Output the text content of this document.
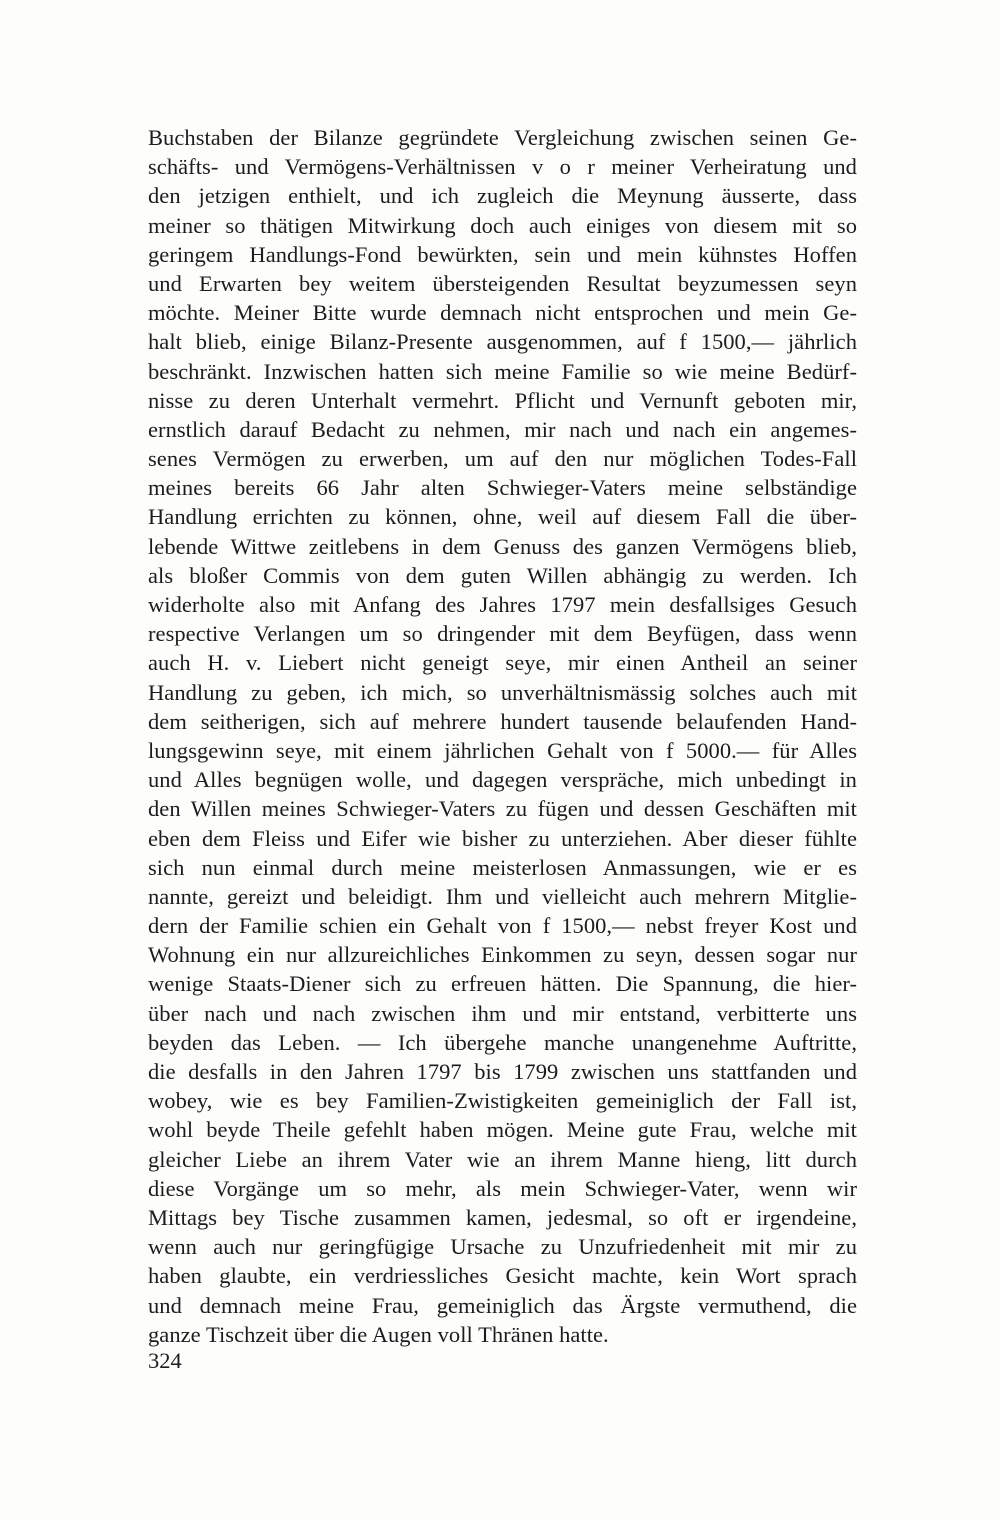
Buchstaben der Bilanze gegründete Vergleichung zwischen seinen Ge-
schäfts- und Vermögens-Verhältnissen v o r meiner Verheiratung und
den jetzigen enthielt, und ich zugleich die Meynung äusserte, dass
meiner so thätigen Mitwirkung doch auch einiges von diesem mit so
geringem Handlungs-Fond bewürkten, sein und mein kühnstes Hoffen
und Erwarten bey weitem übersteigenden Resultat beyzumessen seyn
möchte. Meiner Bitte wurde demnach nicht entsprochen und mein Ge-
halt blieb, einige Bilanz-Presente ausgenommen, auf f 1500,— jährlich
beschränkt. Inzwischen hatten sich meine Familie so wie meine Bedürf-
nisse zu deren Unterhalt vermehrt. Pflicht und Vernunft geboten mir,
ernstlich darauf Bedacht zu nehmen, mir nach und nach ein angemes-
senes Vermögen zu erwerben, um auf den nur möglichen Todes-Fall
meines bereits 66 Jahr alten Schwieger-Vaters meine selbständige
Handlung errichten zu können, ohne, weil auf diesem Fall die über-
lebende Wittwe zeitlebens in dem Genuss des ganzen Vermögens blieb,
als bloßer Commis von dem guten Willen abhängig zu werden. Ich
widerholte also mit Anfang des Jahres 1797 mein desfallsiges Gesuch
respective Verlangen um so dringender mit dem Beyfügen, dass wenn
auch H. v. Liebert nicht geneigt seye, mir einen Antheil an seiner
Handlung zu geben, ich mich, so unverhältnismässig solches auch mit
dem seitherigen, sich auf mehrere hundert tausende belaufenden Hand-
lungsgewinn seye, mit einem jährlichen Gehalt von f 5000.— für Alles
und Alles begnügen wolle, und dagegen verspräche, mich unbedingt in
den Willen meines Schwieger-Vaters zu fügen und dessen Geschäften mit
eben dem Fleiss und Eifer wie bisher zu unterziehen. Aber dieser fühlte
sich nun einmal durch meine meisterlosen Anmassungen, wie er es
nannte, gereizt und beleidigt. Ihm und vielleicht auch mehrern Mitglie-
dern der Familie schien ein Gehalt von f 1500,— nebst freyer Kost und
Wohnung ein nur allzureichliches Einkommen zu seyn, dessen sogar nur
wenige Staats-Diener sich zu erfreuen hätten. Die Spannung, die hier-
über nach und nach zwischen ihm und mir entstand, verbitterte uns
beyden das Leben. — Ich übergehe manche unangenehme Auftritte,
die desfalls in den Jahren 1797 bis 1799 zwischen uns stattfanden und
wobey, wie es bey Familien-Zwistigkeiten gemeiniglich der Fall ist,
wohl beyde Theile gefehlt haben mögen. Meine gute Frau, welche mit
gleicher Liebe an ihrem Vater wie an ihrem Manne hieng, litt durch
diese Vorgänge um so mehr, als mein Schwieger-Vater, wenn wir
Mittags bey Tische zusammen kamen, jedesmal, so oft er irgendeine,
wenn auch nur geringfügige Ursache zu Unzufriedenheit mit mir zu
haben glaubte, ein verdriessliches Gesicht machte, kein Wort sprach
und demnach meine Frau, gemeiniglich das Ärgste vermuthend, die
ganze Tischzeit über die Augen voll Thränen hatte.
324
